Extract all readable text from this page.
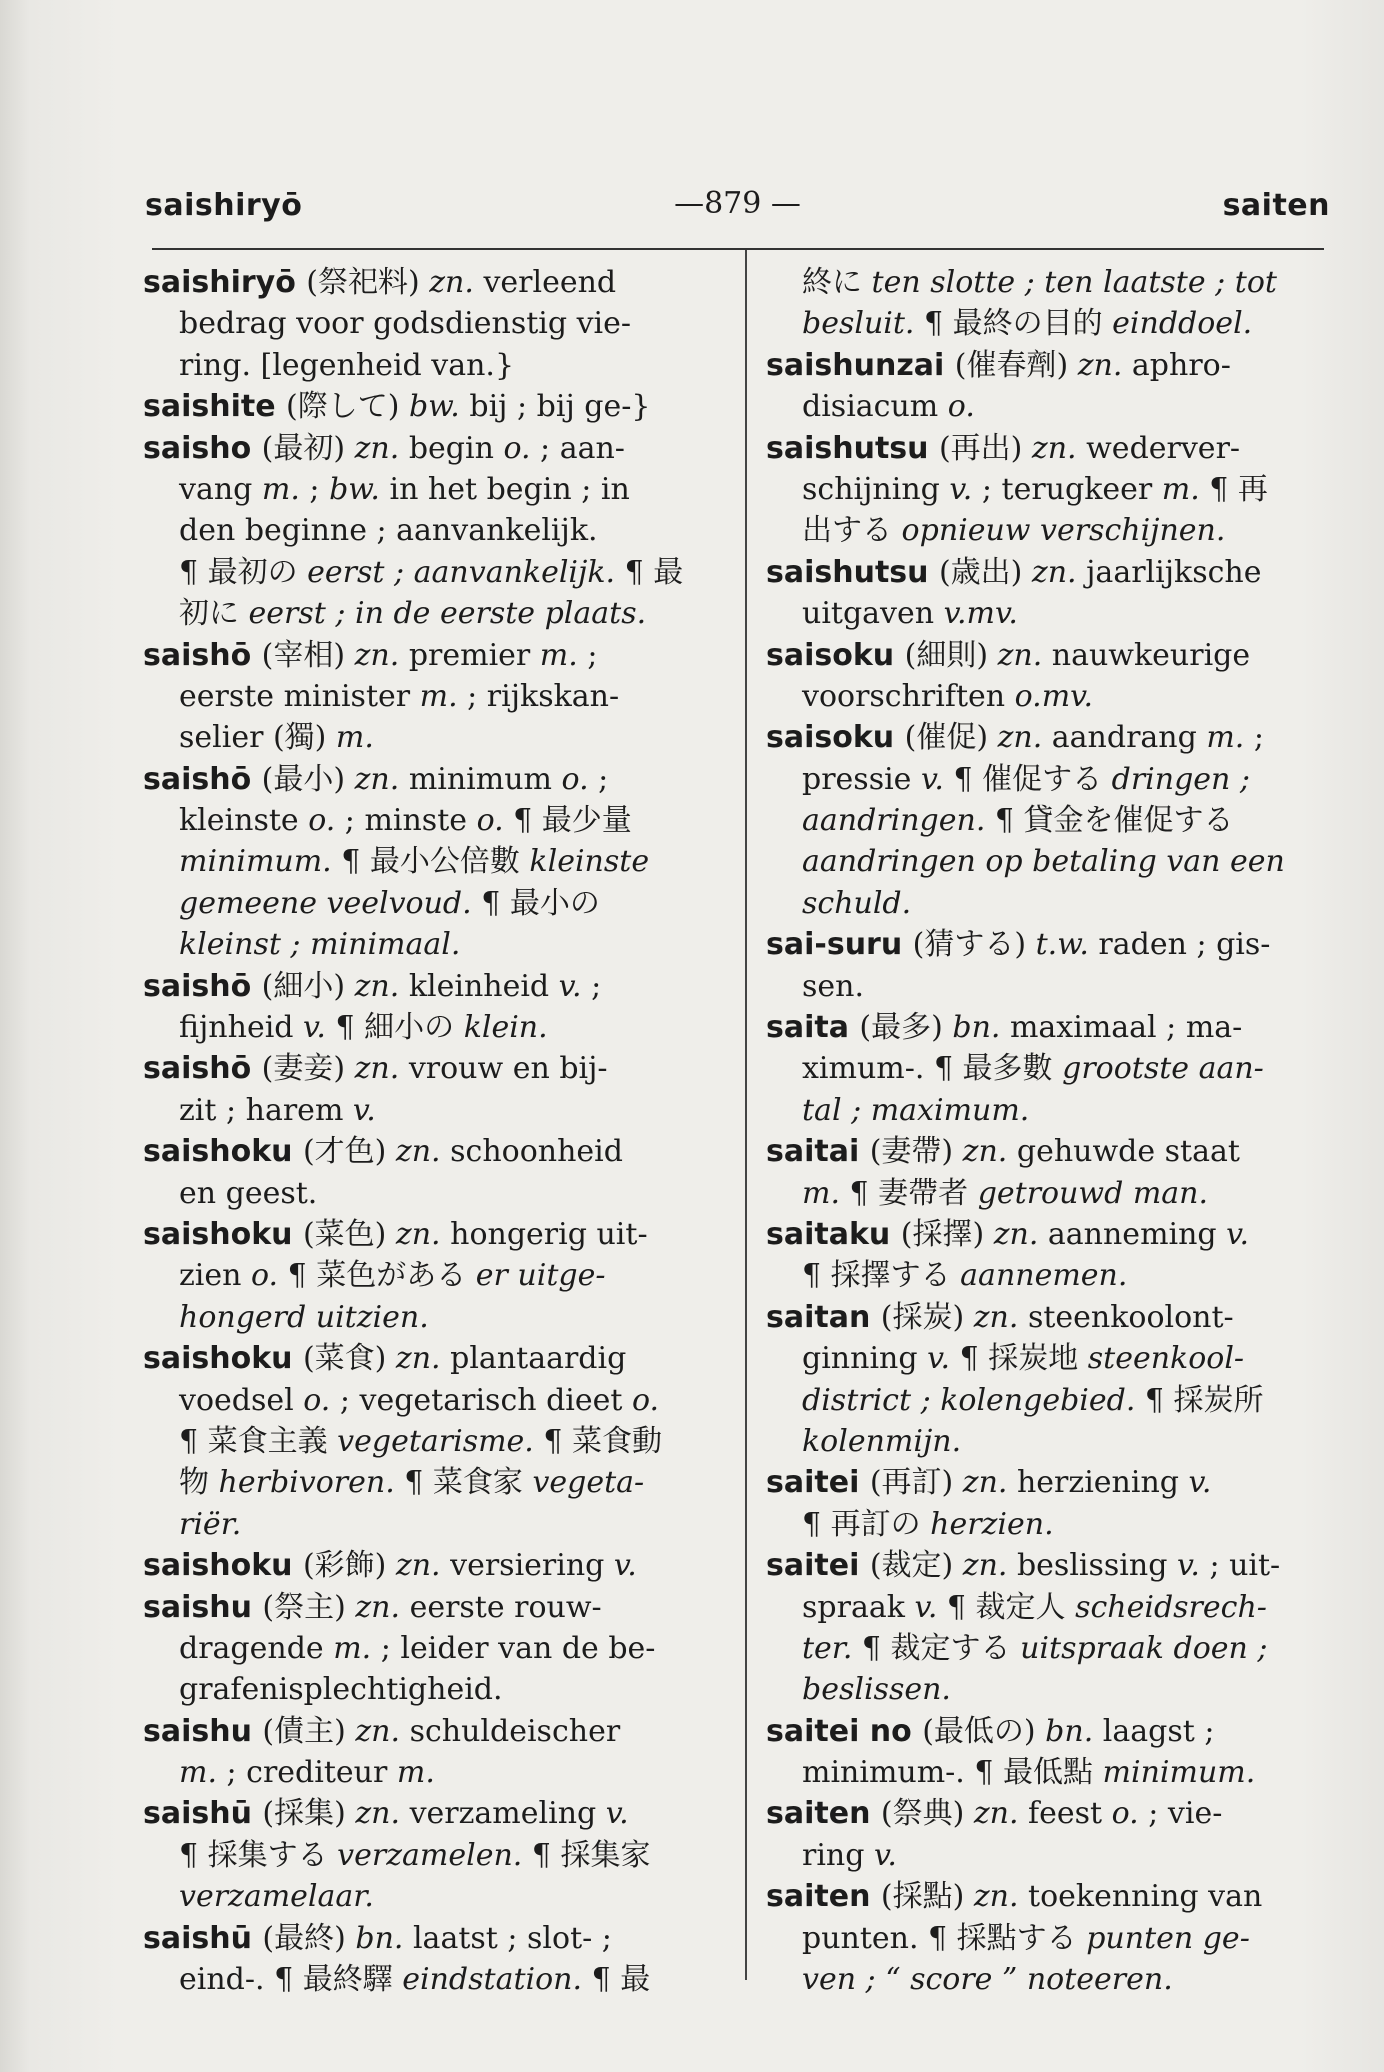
saishiryō	—879 —	saiten
saishiryō (祭祀料) zn. verleend
bedrag voor godsdienstig vie-
ring. [legenheid van.}
saishite (際して) bw. bij ; bij ge-}
saisho (最初) zn. begin o. ; aan-
vang m. ; bw. in het begin ; in
den beginne ; aanvankelijk.
¶ 最初の eerst ; aanvankelijk. ¶ 最
初に eerst ; in de eerste plaats.
saishō (宰相) zn. premier m. ;
eerste minister m. ; rijkskan-
selier (獨) m.
saishō (最小) zn. minimum o. ;
kleinste o. ; minste o. ¶ 最少量
minimum. ¶ 最小公倍數 kleinste
gemeene veelvoud. ¶ 最小の
kleinst ; minimaal.
saishō (細小) zn. kleinheid v. ;
fijnheid v. ¶ 細小の klein.
saishō (妻妾) zn. vrouw en bij-
zit ; harem v.
saishoku (才色) zn. schoonheid
en geest.
saishoku (菜色) zn. hongerig uit-
zien o. ¶ 菜色がある er uitge-
hongerd uitzien.
saishoku (菜食) zn. plantaardig
voedsel o. ; vegetarisch dieet o.
¶ 菜食主義 vegetarisme. ¶ 菜食動
物 herbivoren. ¶ 菜食家 vegeta-
riër.
saishoku (彩飾) zn. versiering v.
saishu (祭主) zn. eerste rouw-
dragende m. ; leider van de be-
grafenisplechtigheid.
saishu (債主) zn. schuldeischer
m. ; crediteur m.
saishū (採集) zn. verzameling v.
¶ 採集する verzamelen. ¶ 採集家
verzamelaar.
saishū (最終) bn. laatst ; slot- ;
eind-. ¶ 最終驛 eindstation. ¶ 最
終に ten slotte ; ten laatste ; tot
besluit. ¶ 最終の目的 einddoel.
saishunzai (催春劑) zn. aphro-
disiacum o.
saishutsu (再出) zn. wederver-
schijning v. ; terugkeer m. ¶ 再
出する opnieuw verschijnen.
saishutsu (歳出) zn. jaarlijksche
uitgaven v.mv.
saisoku (細則) zn. nauwkeurige
voorschriften o.mv.
saisoku (催促) zn. aandrang m. ;
pressie v. ¶ 催促する dringen ;
aandringen. ¶ 貸金を催促する
aandringen op betaling van een
schuld.
sai-suru (猜する) t.w. raden ; gis-
sen.
saita (最多) bn. maximaal ; ma-
ximum-. ¶ 最多數 grootste aan-
tal ; maximum.
saitai (妻帶) zn. gehuwde staat
m. ¶ 妻帶者 getrouwd man.
saitaku (採擇) zn. aanneming v.
¶ 採擇する aannemen.
saitan (採炭) zn. steenkoolont-
ginning v. ¶ 採炭地 steenkool-
district ; kolengebied. ¶ 採炭所
kolenmijn.
saitei (再訂) zn. herziening v.
¶ 再訂の herzien.
saitei (裁定) zn. beslissing v. ; uit-
spraak v. ¶ 裁定人 scheidsrech-
ter. ¶ 裁定する uitspraak doen ;
beslissen.
saitei no (最低の) bn. laagst ;
minimum-. ¶ 最低點 minimum.
saiten (祭典) zn. feest o. ; vie-
ring v.
saiten (採點) zn. toekenning van
punten. ¶ 採點する punten ge-
ven ; “ score ” noteeren.
